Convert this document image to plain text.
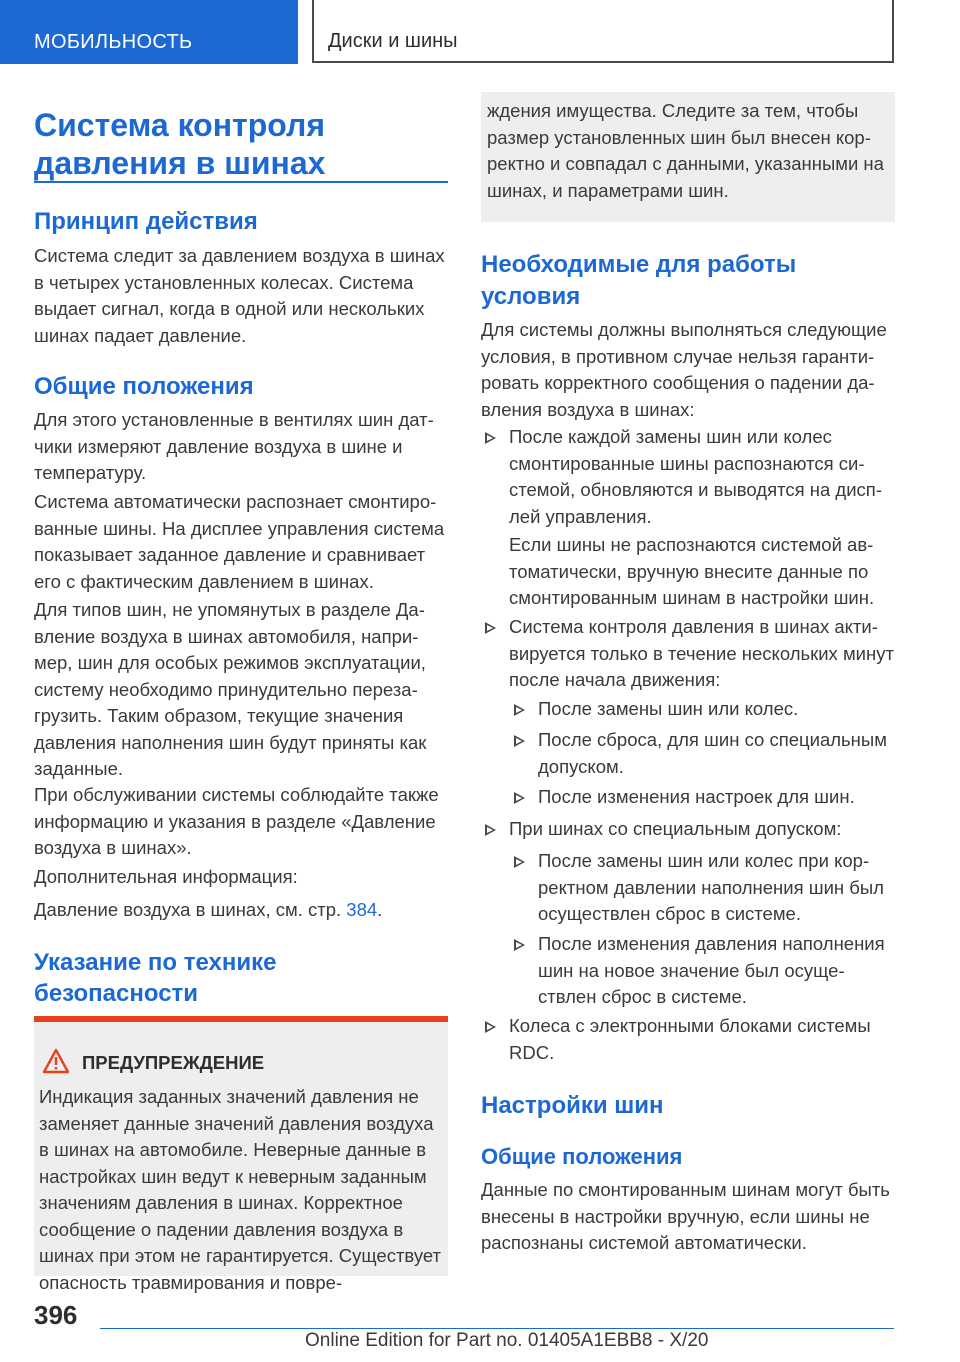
МОБИЛЬНОСТЬ	Диски и шины
Система контроля
давления в шинах
Принцип действия

Система следит за давлением воздуха в шинах в четырех установленных колесах. Система выдает сигнал, когда в одной или нескольких шинах падает давление.

Общие положения

Для этого установленные в вентилях шин датчики измеряют давление воздуха в шине и температуру.

Система автоматически распознает смонтированные шины. На дисплее управления система показывает заданное давление и сравнивает его с фактическим давлением в шинах.

Для типов шин, не упомянутых в разделе Давление воздуха в шинах автомобиля, например, шин для особых режимов эксплуатации, систему необходимо принудительно перезагрузить. Таким образом, текущие значения давления наполнения шин будут приняты как заданные.

При обслуживании системы соблюдайте также информацию и указания в разделе «Давление воздуха в шинах».

Дополнительная информация:

Давление воздуха в шинах, см. стр. 384.

Указание по технике
безопасности
ПРЕДУПРЕЖДЕНИЕ
Индикация заданных значений давления не заменяет данные значений давления воздуха в шинах на автомобиле. Неверные данные в настройках шин ведут к неверным заданным значениям давления в шинах. Корректное сообщение о падении давления воздуха в шинах при этом не гарантируется. Существует опасность травмирования и повре-
ждения имущества. Следите за тем, чтобы размер установленных шин был внесен корректно и совпадал с данными, указанными на шинах, и параметрами шин.
Необходимые для работы
условия

Для системы должны выполняться следующие условия, в противном случае нельзя гарантировать корректного сообщения о падении давления воздуха в шинах:

После каждой замены шин или колес смонтированные шины распознаются системой, обновляются и выводятся на дисплей управления.
Если шины не распознаются системой автоматически, вручную внесите данные по смонтированным шинам в настройки шин.
Система контроля давления в шинах активируется только в течение нескольких минут после начала движения:
После замены шин или колес.
После сброса, для шин со специальным допуском.
После изменения настроек для шин.
При шинах со специальным допуском:
После замены шин или колес при корректном давлении наполнения шин был осуществлен сброс в системе.
После изменения давления наполнения шин на новое значение был осуществлен сброс в системе.
Колеса с электронными блоками системы RDC.
Настройки шин
Общие положения

Данные по смонтированным шинам могут быть внесены в настройки вручную, если шины не распознаны системой автоматически.

396
Online Edition for Part no. 01405A1EBB8 - X/20
